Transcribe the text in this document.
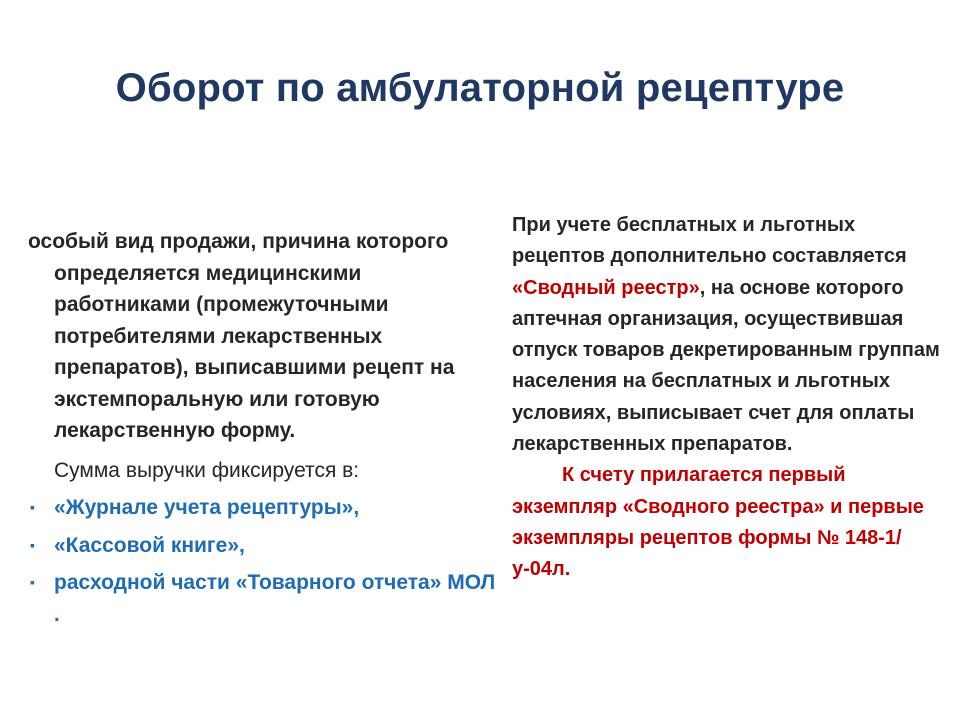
Оборот по амбулаторной рецептуре
особый вид продажи, причина которого определяется медицинскими работниками (промежуточными потребителями лекарственных препаратов), выписавшими рецепт на экстемпоральную или готовую лекарственную форму.
Сумма выручки фиксируется в:
▪ «Журнале учета рецептуры»,
▪ «Кассовой книге»,
▪ расходной части «Товарного отчета» МОЛ .
При учете бесплатных и льготных рецептов дополнительно составляется «Сводный реестр», на основе которого аптечная организация, осуществившая отпуск товаров декретированным группам населения на бесплатных и льготных условиях, выписывает счет для оплаты лекарственных препаратов.
К счету прилагается первый экземпляр «Сводного реестра» и первые экземпляры рецептов формы № 148-1/у-04л.
